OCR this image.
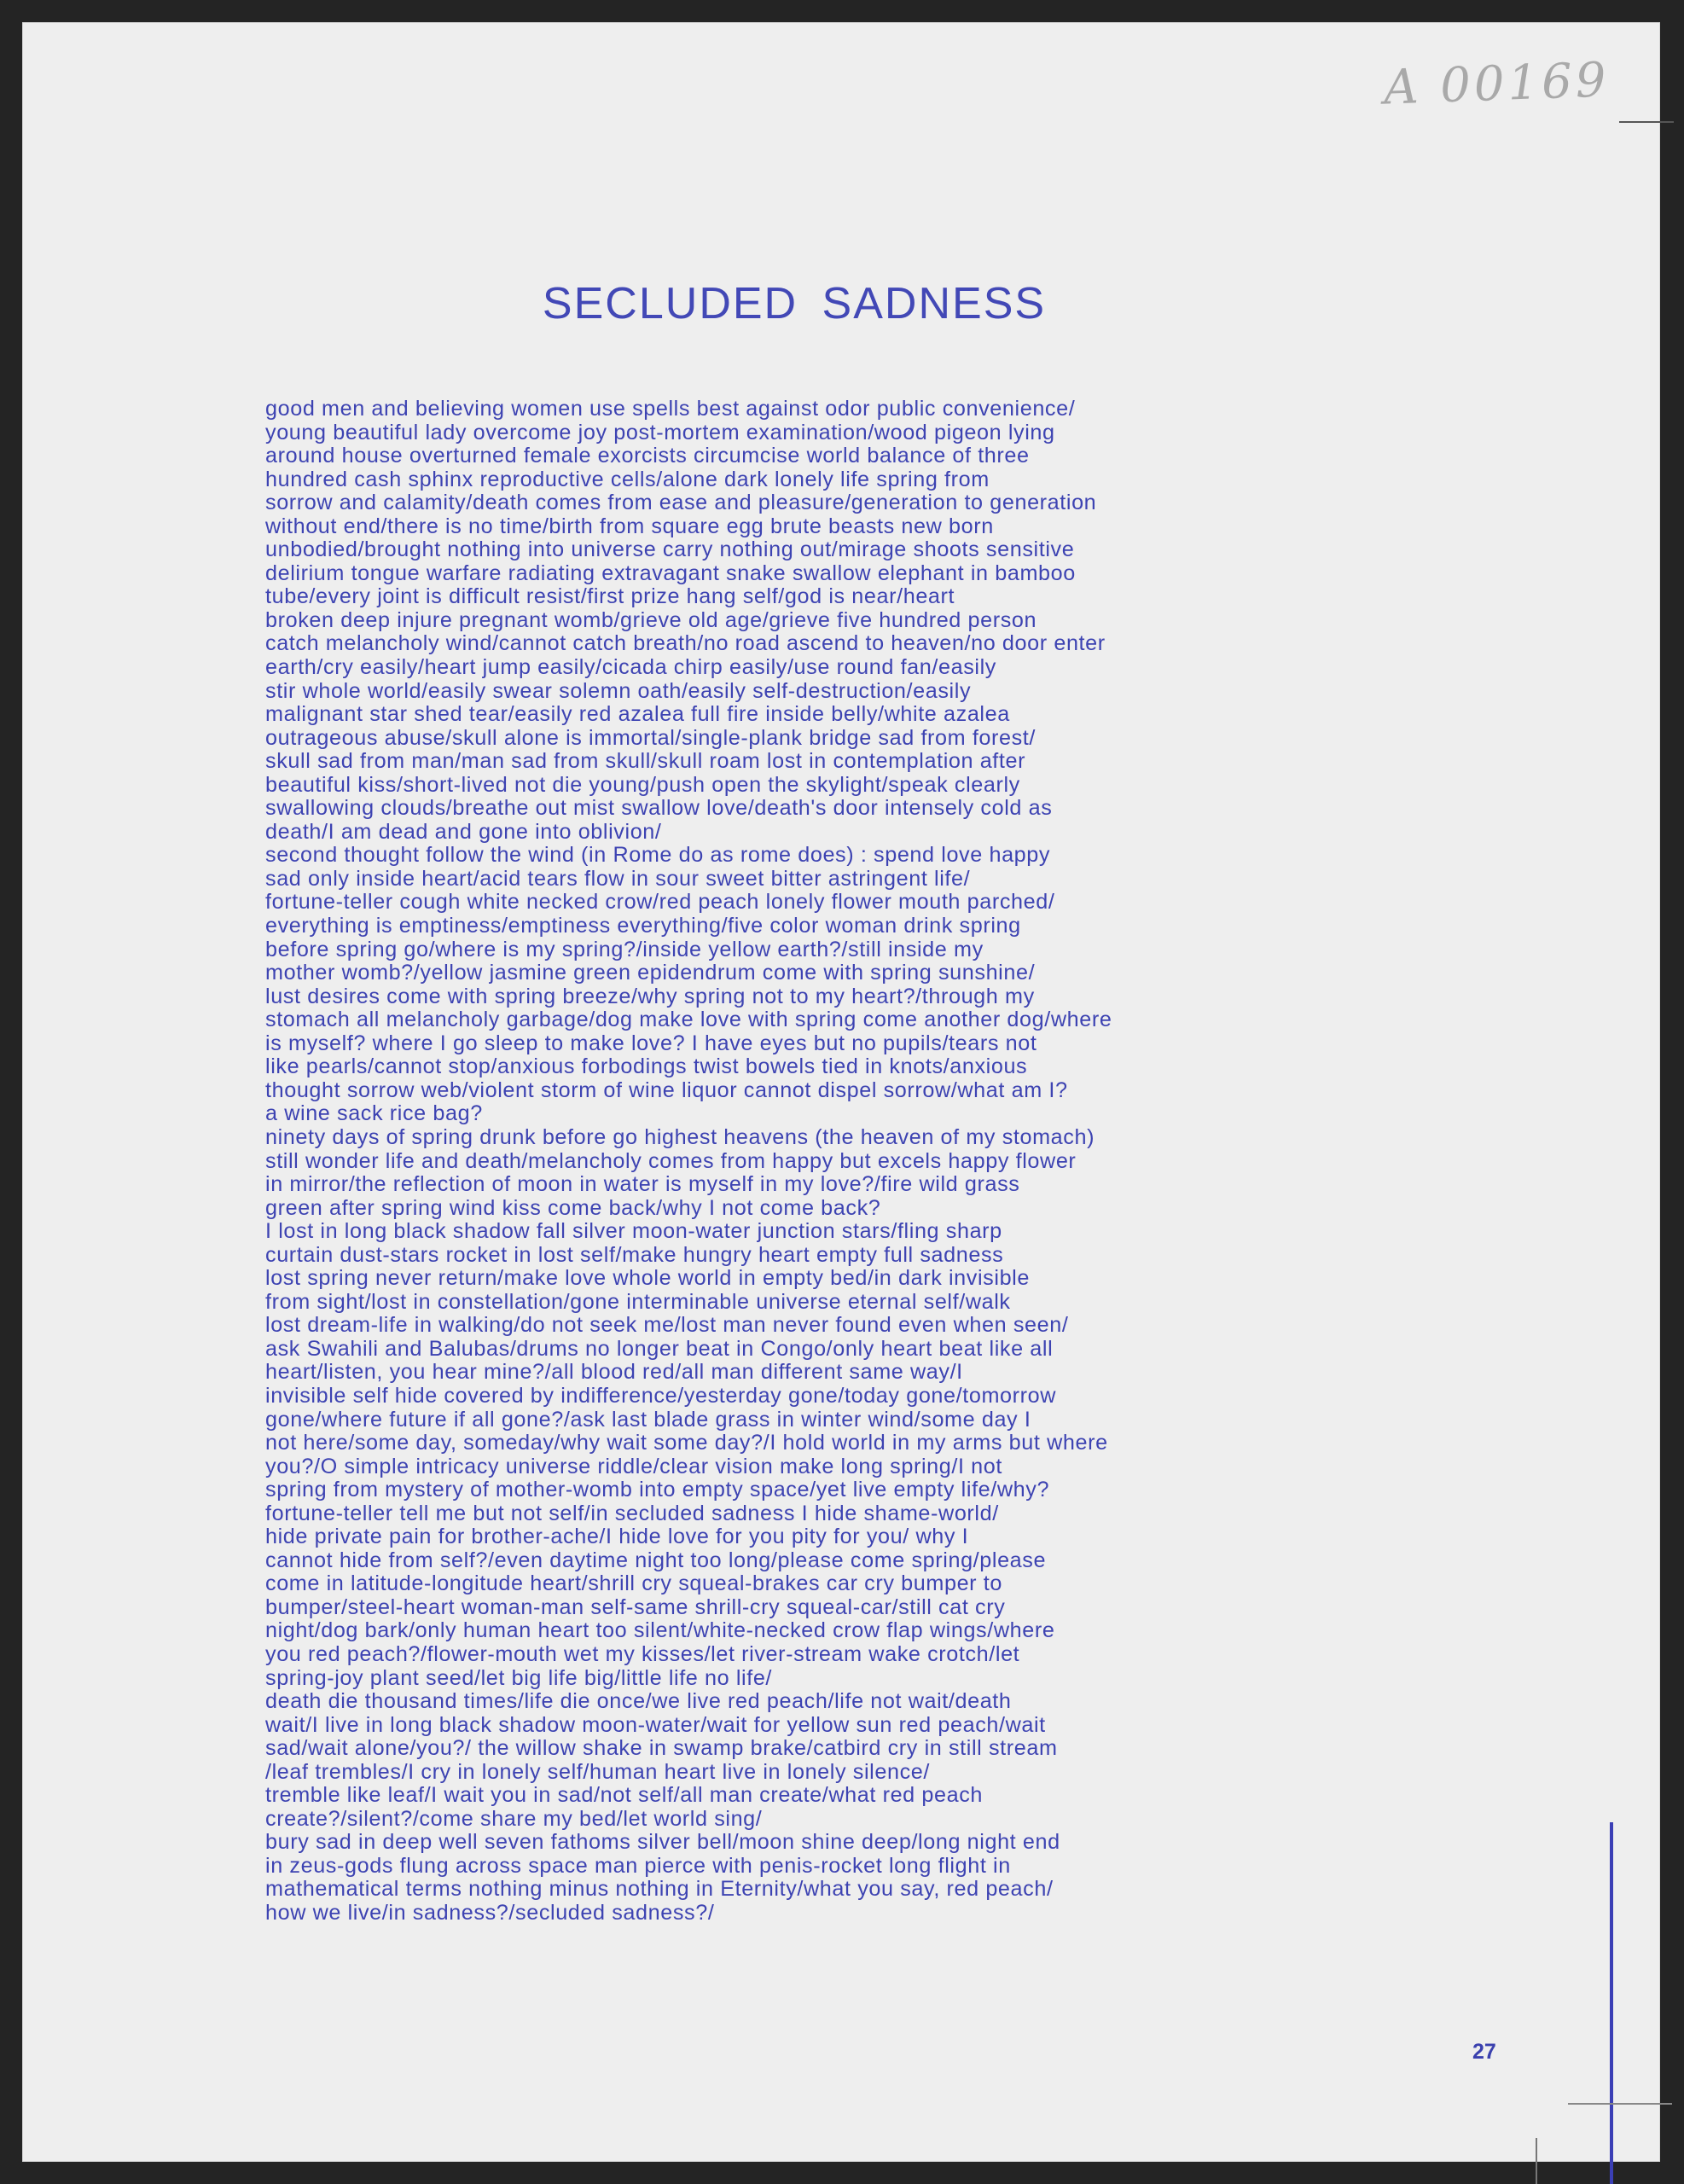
A 00169
SECLUDED SADNESS
good men and believing women use spells best against odor public convenience/
young beautiful lady overcome joy post-mortem examination/wood pigeon lying
around house overturned female exorcists circumcise world balance of three
hundred cash sphinx reproductive cells/alone dark lonely life spring from
sorrow and calamity/death comes from ease and pleasure/generation to generation
without end/there is no time/birth from square egg brute beasts new born
unbodied/brought nothing into universe carry nothing out/mirage shoots sensitive
delirium tongue warfare radiating extravagant snake swallow elephant in bamboo
tube/every joint is difficult resist/first prize hang self/god is near/heart
broken deep injure pregnant womb/grieve old age/grieve five hundred person
catch melancholy wind/cannot catch breath/no road ascend to heaven/no door enter
earth/cry easily/heart jump easily/cicada chirp easily/use round fan/easily
stir whole world/easily swear solemn oath/easily self-destruction/easily
malignant star shed tear/easily red azalea full fire inside belly/white azalea
outrageous abuse/skull alone is immortal/single-plank bridge sad from forest/
skull sad from man/man sad from skull/skull roam lost in contemplation after
beautiful kiss/short-lived not die young/push open the skylight/speak clearly
swallowing clouds/breathe out mist swallow love/death's door intensely cold as
death/I am dead and gone into oblivion/
second thought follow the wind (in Rome do as rome does) : spend love happy
sad only inside heart/acid tears flow in sour sweet bitter astringent life/
fortune-teller cough white necked crow/red peach lonely flower mouth parched/
everything is emptiness/emptiness everything/five color woman drink spring
before spring go/where is my spring?/inside yellow earth?/still inside my
mother womb?/yellow jasmine green epidendrum come with spring sunshine/
lust desires come with spring breeze/why spring not to my heart?/through my
stomach all melancholy garbage/dog make love with spring come another dog/where
is myself? where I go sleep to make love? I have eyes but no pupils/tears not
like pearls/cannot stop/anxious forbodings twist bowels tied in knots/anxious
thought sorrow web/violent storm of wine liquor cannot dispel sorrow/what am I?
a wine sack rice bag?
ninety days of spring drunk before go highest heavens (the heaven of my stomach)
still wonder life and death/melancholy comes from happy but excels happy flower
in mirror/the reflection of moon in water is myself in my love?/fire wild grass
green after spring wind kiss come back/why I not come back?
I lost in long black shadow fall silver moon-water junction stars/fling sharp
curtain dust-stars rocket in lost self/make hungry heart empty full sadness
lost spring never return/make love whole world in empty bed/in dark invisible
from sight/lost in constellation/gone interminable universe eternal self/walk
lost dream-life in walking/do not seek me/lost man never found even when seen/
ask Swahili and Balubas/drums no longer beat in Congo/only heart beat like all
heart/listen, you hear mine?/all blood red/all man different same way/I
invisible self hide covered by indifference/yesterday gone/today gone/tomorrow
gone/where future if all gone?/ask last blade grass in winter wind/some day I
not here/some day, someday/why wait some day?/I hold world in my arms but where
you?/O simple intricacy universe riddle/clear vision make long spring/I not
spring from mystery of mother-womb into empty space/yet live empty life/why?
fortune-teller tell me but not self/in secluded sadness I hide shame-world/
hide private pain for brother-ache/I hide love for you pity for you/ why I
cannot hide from self?/even daytime night too long/please come spring/please
come in latitude-longitude heart/shrill cry squeal-brakes car cry bumper to
bumper/steel-heart woman-man self-same shrill-cry squeal-car/still cat cry
night/dog bark/only human heart too silent/white-necked crow flap wings/where
you red peach?/flower-mouth wet my kisses/let river-stream wake crotch/let
spring-joy plant seed/let big life big/little life no life/
death die thousand times/life die once/we live red peach/life not wait/death
wait/I live in long black shadow moon-water/wait for yellow sun red peach/wait
sad/wait alone/you?/ the willow shake in swamp brake/catbird cry in still stream
/leaf trembles/I cry in lonely self/human heart live in lonely silence/
tremble like leaf/I wait you in sad/not self/all man create/what red peach
create?/silent?/come share my bed/let world sing/
bury sad in deep well seven fathoms silver bell/moon shine deep/long night end
in zeus-gods flung across space man pierce with penis-rocket long flight in
mathematical terms nothing minus nothing in Eternity/what you say, red peach/
how we live/in sadness?/secluded sadness?/
27
